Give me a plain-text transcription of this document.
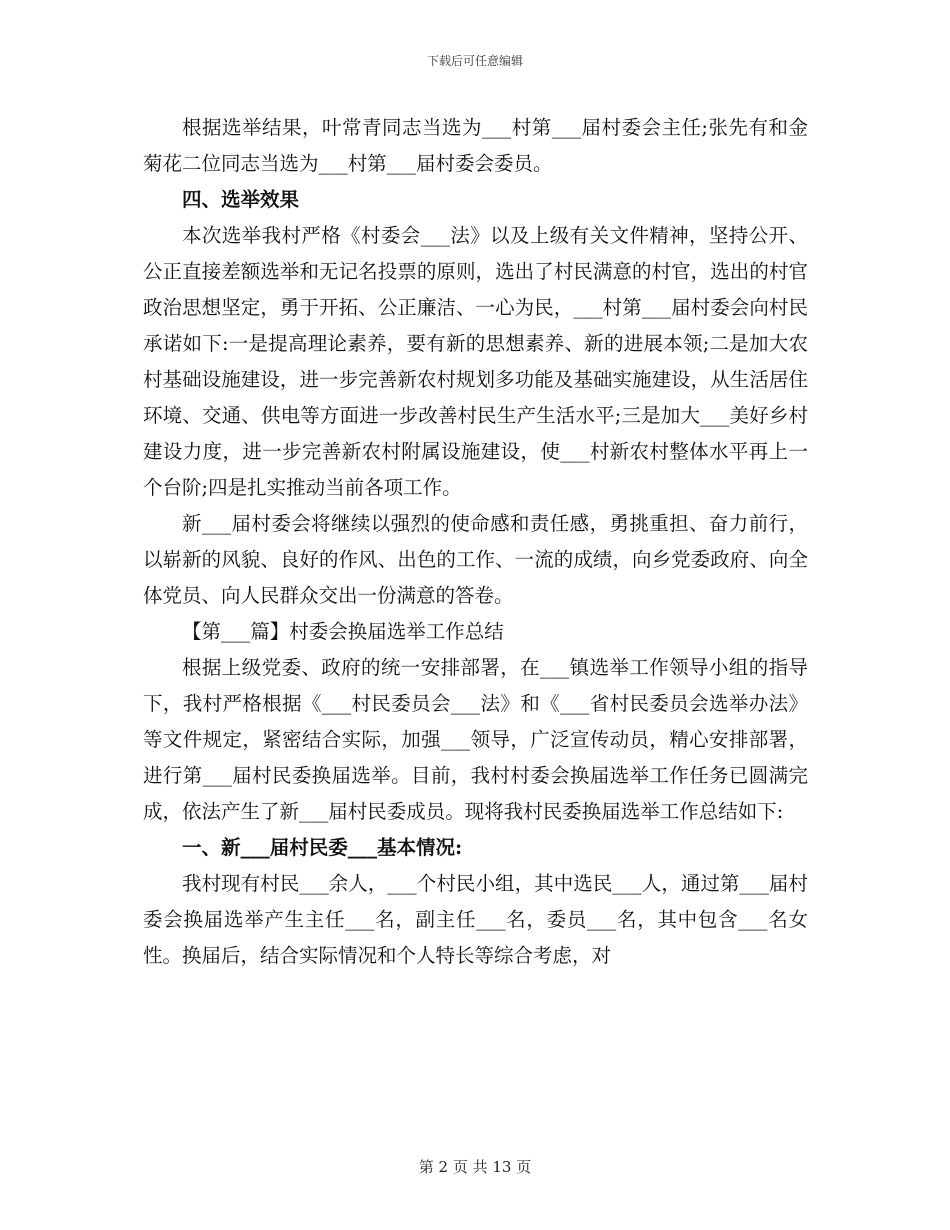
下载后可任意编辑

根据选举结果，叶常青同志当选为___村第___届村委会主任;张先有和金菊花二位同志当选为___村第___届村委会委员。

四、选举效果

本次选举我村严格《村委会___法》以及上级有关文件精神，坚持公开、公正直接差额选举和无记名投票的原则，选出了村民满意的村官，选出的村官政治思想坚定，勇于开拓、公正廉洁、一心为民，___村第___届村委会向村民承诺如下:一是提高理论素养，要有新的思想素养、新的进展本领;二是加大农村基础设施建设，进一步完善新农村规划多功能及基础实施建设，从生活居住环境、交通、供电等方面进一步改善村民生产生活水平;三是加大___美好乡村建设力度，进一步完善新农村附属设施建设，使___村新农村整体水平再上一个台阶;四是扎实推动当前各项工作。

新___届村委会将继续以强烈的使命感和责任感，勇挑重担、奋力前行，以崭新的风貌、良好的作风、出色的工作、一流的成绩，向乡党委政府、向全体党员、向人民群众交出一份满意的答卷。

【第___篇】村委会换届选举工作总结

根据上级党委、政府的统一安排部署，在___镇选举工作领导小组的指导下，我村严格根据《___村民委员会___法》和《___省村民委员会选举办法》等文件规定，紧密结合实际，加强___领导，广泛宣传动员，精心安排部署，进行第___届村民委换届选举。目前，我村村委会换届选举工作任务已圆满完成，依法产生了新___届村民委成员。现将我村民委换届选举工作总结如下:

一、新___届村民委___基本情况:

我村现有村民___余人，___个村民小组，其中选民___人，通过第___届村委会换届选举产生主任___名，副主任___名，委员___名，其中包含___名女性。换届后，结合实际情况和个人特长等综合考虑，对

第 2 页 共 13 页
